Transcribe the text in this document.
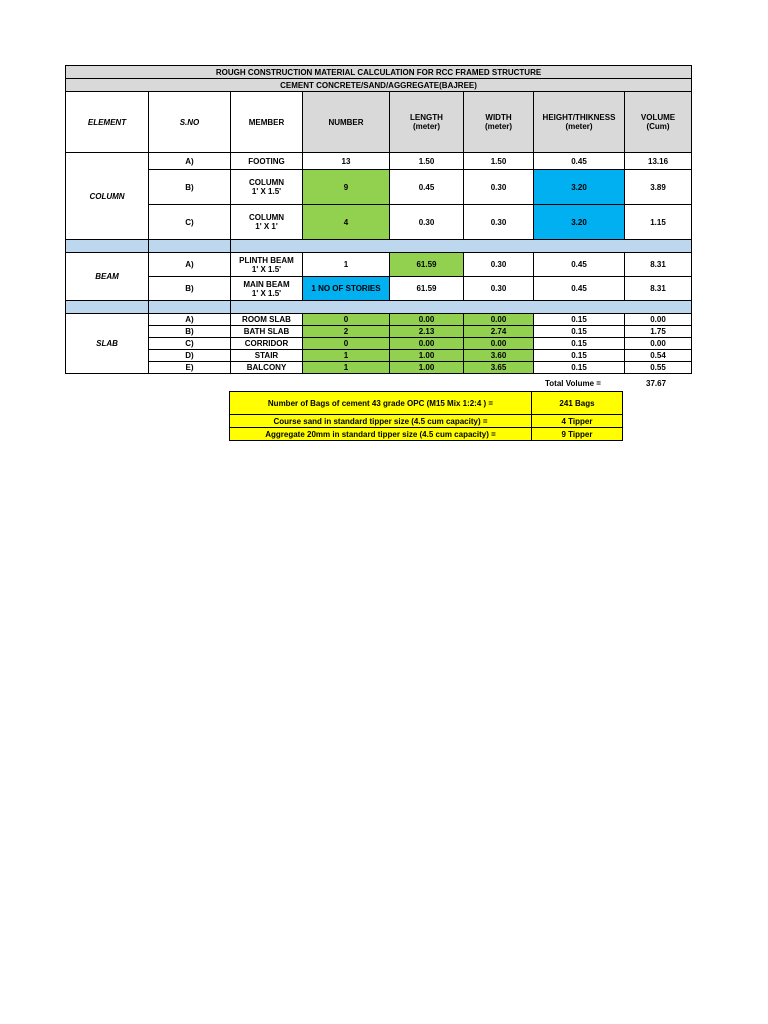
ROUGH CONSTRUCTION MATERIAL CALCULATION FOR RCC FRAMED STRUCTURE							
CEMENT CONCRETE/SAND/AGGREGATE(BAJREE)							
ELEMENT	S.NO	MEMBER	NUMBER	LENGTH
(meter)	WIDTH
(meter)	HEIGHT/THIKNESS
(meter)	VOLUME
(Cum)
COLUMN	A)	FOOTING	13	1.50	1.50	0.45	13.16
	B)	COLUMN
1' X 1.5'	9	0.45	0.30	3.20	3.89
	C)	COLUMN
1' X 1'	4	0.30	0.30	3.20	1.15

BEAM	A)	PLINTH BEAM
1' X 1.5'	1	61.59	0.30	0.45	8.31
	B)	MAIN BEAM
1' X 1.5'	1 NO OF STORIES	61.59	0.30	0.45	8.31

SLAB	A)	ROOM SLAB	0	0.00	0.00	0.15	0.00
	B)	BATH SLAB	2	2.13	2.74	0.15	1.75
	C)	CORRIDOR	0	0.00	0.00	0.15	0.00
	D)	STAIR	1	1.00	3.60	0.15	0.54
	E)	BALCONY	1	1.00	3.65	0.15	0.55
Total Volume =	37.67
Number of Bags of cement 43 grade OPC (M15 Mix 1:2:4 ) =	241 Bags
Course sand in standard tipper size (4.5 cum capacity) =	4 Tipper
Aggregate 20mm in standard tipper size (4.5 cum capacity) =	9 Tipper
